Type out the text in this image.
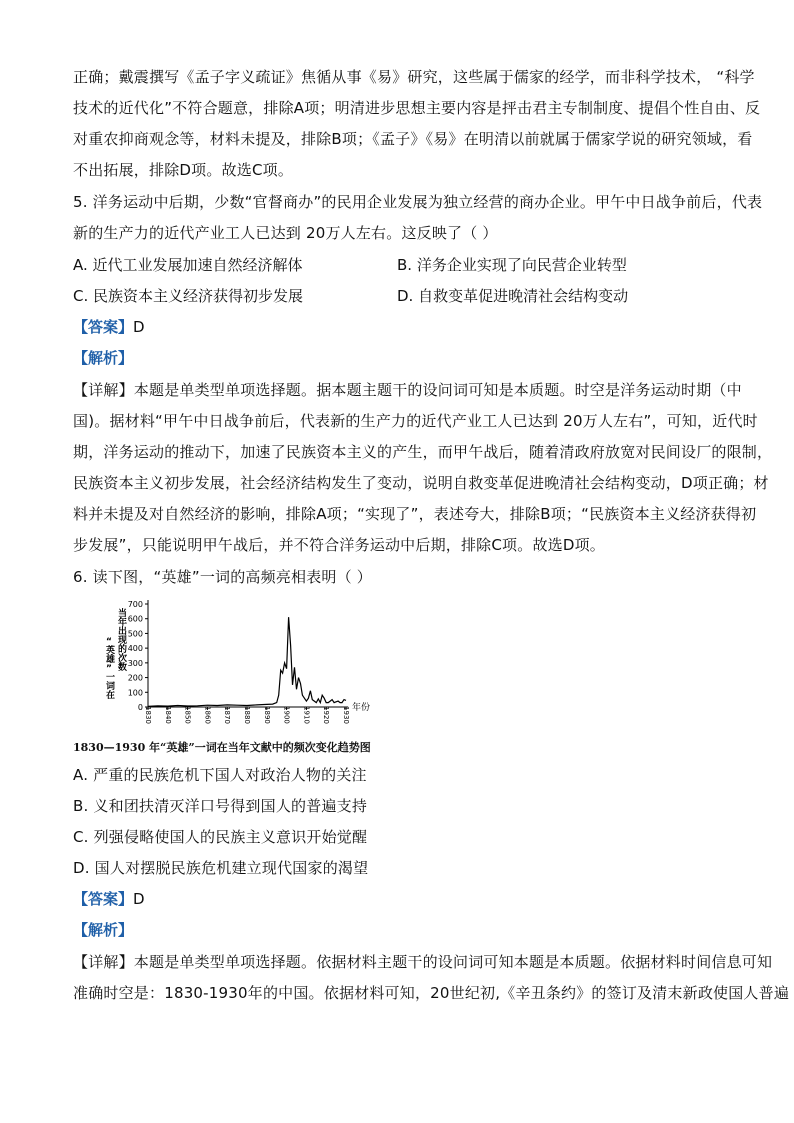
正确；戴震撰写《孟子字义疏证》焦循从事《易》研究，这些属于儒家的经学，而非科学技术， “科学
技术的近代化”不符合题意，排除A项；明清进步思想主要内容是抨击君主专制制度、提倡个性自由、反
对重农抑商观念等，材料未提及，排除B项；《孟子》《易》在明清以前就属于儒家学说的研究领域，看
不出拓展，排除D项。故选C项。
5. 洋务运动中后期，少数“官督商办”的民用企业发展为独立经营的商办企业。甲午中日战争前后，代表
新的生产力的近代产业工人已达到 20万人左右。这反映了（ ）
A. 近代工业发展加速自然经济解体	B. 洋务企业实现了向民营企业转型
C. 民族资本主义经济获得初步发展	D. 自救变革促进晚清社会结构变动
【答案】D
【解析】
【详解】本题是单类型单项选择题。据本题主题干的设问词可知是本质题。时空是洋务运动时期（中
国)。据材料“甲午中日战争前后，代表新的生产力的近代产业工人已达到 20万人左右”，可知，近代时
期，洋务运动的推动下，加速了民族资本主义的产生，而甲午战后，随着清政府放宽对民间设厂的限制，
民族资本主义初步发展，社会经济结构发生了变动，说明自救变革促进晚清社会结构变动，D项正确；材
料并未提及对自然经济的影响，排除A项；“实现了”，表述夸大，排除B项；“民族资本主义经济获得初
步发展”，只能说明甲午战后，并不符合洋务运动中后期，排除C项。故选D项。
6. 读下图，“英雄”一词的高频亮相表明（ ）
0
100
200
300
400
500
600
700
1830 1840 1850 1860 1870 1880 1890 1900 1910 1920 1930
当年出现的次数“英雄”一词在
年份
1830—1930 年“英雄”一词在当年文献中的频次变化趋势图
A. 严重的民族危机下国人对政治人物的关注
B. 义和团扶清灭洋口号得到国人的普遍支持
C. 列强侵略使国人的民族主义意识开始觉醒
D. 国人对摆脱民族危机建立现代国家的渴望
【答案】D
【解析】
【详解】本题是单类型单项选择题。依据材料主题干的设问词可知本题是本质题。依据材料时间信息可知
准确时空是：1830-1930年的中国。依据材料可知，20世纪初,《辛丑条约》的签订及清末新政使国人普遍
